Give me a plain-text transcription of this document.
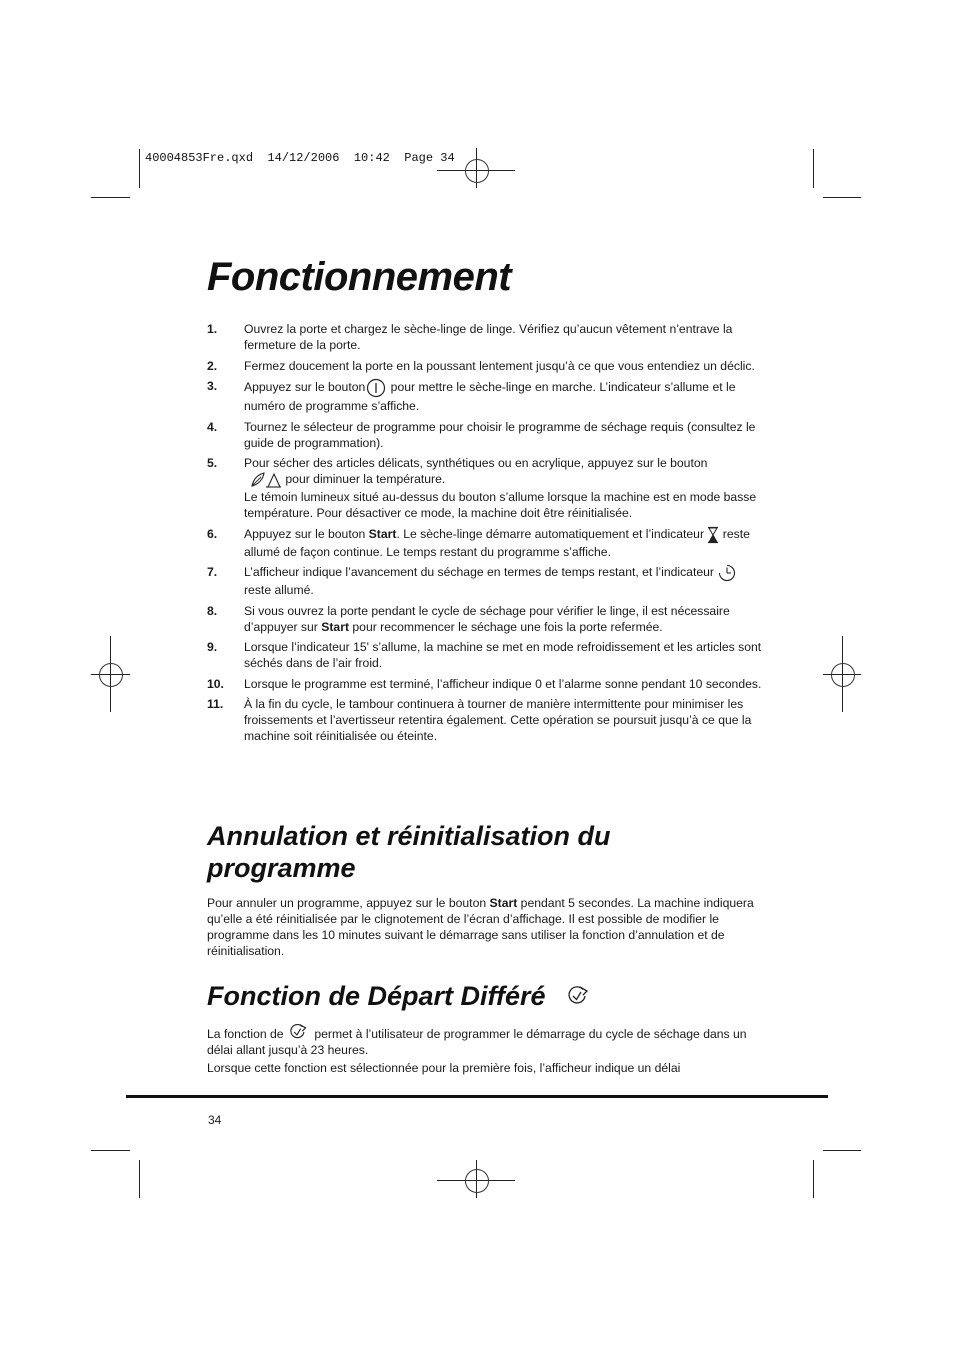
40004853Fre.qxd  14/12/2006  10:42  Page 34
Fonctionnement
1.	Ouvrez la porte et chargez le sèche-linge de linge. Vérifiez qu’aucun vêtement n’entrave la fermeture de la porte.
2.	Fermez doucement la porte en la poussant lentement jusqu’à ce que vous entendiez un déclic.
3.	Appuyez sur le bouton pour mettre le sèche-linge en marche. L’indicateur s’allume et le numéro de programme s’affiche.
4.	Tournez le sélecteur de programme pour choisir le programme de séchage requis (consultez le guide de programmation).
5.	Pour sécher des articles délicats, synthétiques ou en acrylique, appuyez sur le bouton
pour diminuer la température.
Le témoin lumineux situé au-dessus du bouton s’allume lorsque la machine est en mode basse température. Pour désactiver ce mode, la machine doit être réinitialisée.
6.	Appuyez sur le bouton Start. Le sèche-linge démarre automatiquement et l’indicateur  reste allumé de façon continue. Le temps restant du programme s’affiche.
7.	L’afficheur indique l’avancement du séchage en termes de temps restant, et l’indicateur  reste allumé.
8.	Si vous ouvrez la porte pendant le cycle de séchage pour vérifier le linge, il est nécessaire d’appuyer sur Start pour recommencer le séchage une fois la porte refermée.
9.	Lorsque l’indicateur 15' s’allume, la machine se met en mode refroidissement et les articles sont séchés dans de l’air froid.
10.	Lorsque le programme est terminé, l’afficheur indique 0 et l’alarme sonne pendant 10 secondes.
11.	À la fin du cycle, le tambour continuera à tourner de manière intermittente pour minimiser les froissements et l’avertisseur retentira également. Cette opération se poursuit jusqu’à ce que la machine soit réinitialisée ou éteinte.
Annulation et réinitialisation du programme

Pour annuler un programme, appuyez sur le bouton Start pendant 5 secondes. La machine indiquera qu’elle a été réinitialisée par le clignotement de l’écran d’affichage. Il est possible de modifier le programme dans les 10 minutes suivant le démarrage sans utiliser la fonction d’annulation et de réinitialisation.

Fonction de Départ Différé

La fonction de  permet à l’utilisateur de programmer le démarrage du cycle de séchage dans un délai allant jusqu’à 23 heures.

Lorsque cette fonction est sélectionnée pour la première fois, l’afficheur indique un délai

34
